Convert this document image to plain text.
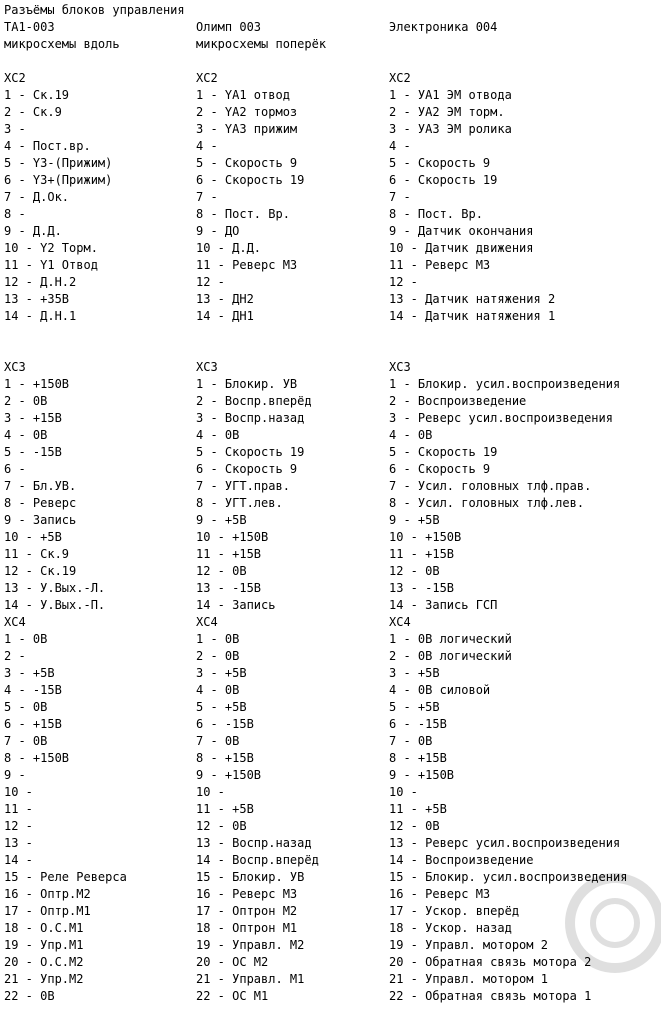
Разъёмы блоков управления
ТА1-003
микросхемы вдоль
XC2
1 - Ск.19
2 - Ск.9
3 -
4 - Пост.вр.
5 - Y3-(Прижим)
6 - Y3+(Прижим)
7 - Д.Ок.
8 -
9 - Д.Д.
10 - Y2 Торм.
11 - Y1 Отвод
12 - Д.Н.2
13 - +35В
14 - Д.Н.1
XC3
1 - +150В
2 - 0В
3 - +15В
4 - 0В
5 - -15В
6 -
7 - Бл.УВ.
8 - Реверс
9 - Запись
10 - +5В
11 - Ск.9
12 - Ск.19
13 - У.Вых.-Л.
14 - У.Вых.-П.
XC4
1 - 0В
2 -
3 - +5В
4 - -15В
5 - 0В
6 - +15В
7 - 0В
8 - +150В
9 -
10 -
11 -
12 -
13 -
14 -
15 - Реле Реверса
16 - Оптр.М2
17 - Оптр.М1
18 - О.С.М1
19 - Упр.М1
20 - О.С.М2
21 - Упр.М2
22 - 0В
Олимп 003
микросхемы поперёк
XC2
1 - YA1 отвод
2 - YA2 тормоз
3 - YA3 прижим
4 -
5 - Скорость 9
6 - Скорость 19
7 -
8 - Пост. Вр.
9 - ДО
10 - Д.Д.
11 - Реверс М3
12 -
13 - ДН2
14 - ДН1
XC3
1 - Блокир. УВ
2 - Воспр.вперёд
3 - Воспр.назад
4 - 0В
5 - Скорость 19
6 - Скорость 9
7 - УГТ.прав.
8 - УГТ.лев.
9 - +5В
10 - +150В
11 - +15В
12 - 0В
13 - -15В
14 - Запись
XC4
1 - 0В
2 - 0В
3 - +5В
4 - 0В
5 - +5В
6 - -15В
7 - 0В
8 - +15В
9 - +150В
10 -
11 - +5В
12 - 0В
13 - Воспр.назад
14 - Воспр.вперёд
15 - Блокир. УВ
16 - Реверс М3
17 - Оптрон М2
18 - Оптрон М1
19 - Управл. М2
20 - ОС М2
21 - Управл. М1
22 - ОС М1
Электроника 004
XC2
1 - УА1 ЭМ отвода
2 - УА2 ЭМ торм.
3 - УА3 ЭМ ролика
4 -
5 - Скорость 9
6 - Скорость 19
7 -
8 - Пост. Вр.
9 - Датчик окончания
10 - Датчик движения
11 - Реверс М3
12 -
13 - Датчик натяжения 2
14 - Датчик натяжения 1
XC3
1 - Блокир. усил.воспроизведения
2 - Воспроизведение
3 - Реверс усил.воспроизведения
4 - 0В
5 - Скорость 19
6 - Скорость 9
7 - Усил. головных тлф.прав.
8 - Усил. головных тлф.лев.
9 - +5В
10 - +150В
11 - +15В
12 - 0В
13 - -15В
14 - Запись ГСП
XC4
1 - 0В логический
2 - 0В логический
3 - +5В
4 - 0В силовой
5 - +5В
6 - -15В
7 - 0В
8 - +15В
9 - +150В
10 -
11 - +5В
12 - 0В
13 - Реверс усил.воспроизведения
14 - Воспроизведение
15 - Блокир. усил.воспроизведения
16 - Реверс М3
17 - Ускор. вперёд
18 - Ускор. назад
19 - Управл. мотором 2
20 - Обратная связь мотора 2
21 - Управл. мотором 1
22 - Обратная связь мотора 1
